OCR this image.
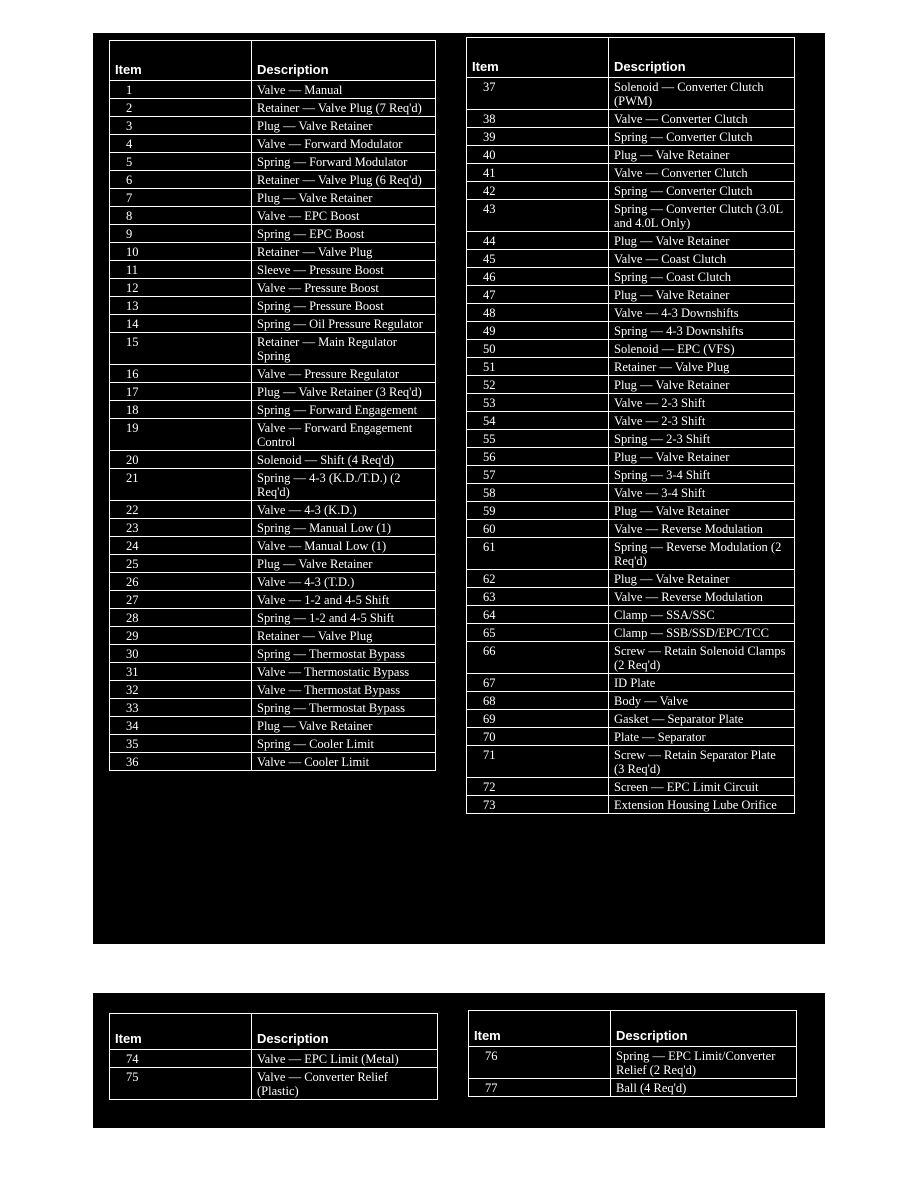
Item	Description
1	Valve — Manual
2	Retainer — Valve Plug (7 Req'd)
3	Plug — Valve Retainer
4	Valve — Forward Modulator
5	Spring — Forward Modulator
6	Retainer — Valve Plug (6 Req'd)
7	Plug — Valve Retainer
8	Valve — EPC Boost
9	Spring — EPC Boost
10	Retainer — Valve Plug
11	Sleeve — Pressure Boost
12	Valve — Pressure Boost
13	Spring — Pressure Boost
14	Spring — Oil Pressure Regulator
15	Retainer — Main Regulator Spring
16	Valve — Pressure Regulator
17	Plug — Valve Retainer (3 Req'd)
18	Spring — Forward Engagement
19	Valve — Forward Engagement Control
20	Solenoid — Shift (4 Req'd)
21	Spring — 4-3 (K.D./T.D.) (2 Req'd)
22	Valve — 4-3 (K.D.)
23	Spring — Manual Low (1)
24	Valve — Manual Low (1)
25	Plug — Valve Retainer
26	Valve — 4-3 (T.D.)
27	Valve — 1-2 and 4-5 Shift
28	Spring — 1-2 and 4-5 Shift
29	Retainer — Valve Plug
30	Spring — Thermostat Bypass
31	Valve — Thermostatic Bypass
32	Valve — Thermostat Bypass
33	Spring — Thermostat Bypass
34	Plug — Valve Retainer
35	Spring — Cooler Limit
36	Valve — Cooler Limit
Item	Description
37	Solenoid — Converter Clutch (PWM)
38	Valve — Converter Clutch
39	Spring — Converter Clutch
40	Plug — Valve Retainer
41	Valve — Converter Clutch
42	Spring — Converter Clutch
43	Spring — Converter Clutch (3.0L and 4.0L Only)
44	Plug — Valve Retainer
45	Valve — Coast Clutch
46	Spring — Coast Clutch
47	Plug — Valve Retainer
48	Valve — 4-3 Downshifts
49	Spring — 4-3 Downshifts
50	Solenoid — EPC (VFS)
51	Retainer — Valve Plug
52	Plug — Valve Retainer
53	Valve — 2-3 Shift
54	Valve — 2-3 Shift
55	Spring — 2-3 Shift
56	Plug — Valve Retainer
57	Spring — 3-4 Shift
58	Valve — 3-4 Shift
59	Plug — Valve Retainer
60	Valve — Reverse Modulation
61	Spring — Reverse Modulation (2 Req'd)
62	Plug — Valve Retainer
63	Valve — Reverse Modulation
64	Clamp — SSA/SSC
65	Clamp — SSB/SSD/EPC/TCC
66	Screw — Retain Solenoid Clamps (2 Req'd)
67	ID Plate
68	Body — Valve
69	Gasket — Separator Plate
70	Plate — Separator
71	Screw — Retain Separator Plate (3 Req'd)
72	Screen — EPC Limit Circuit
73	Extension Housing Lube Orifice
Item	Description
74	Valve — EPC Limit (Metal)
75	Valve — Converter Relief (Plastic)
Item	Description
76	Spring — EPC Limit/Converter Relief (2 Req'd)
77	Ball (4 Req'd)
